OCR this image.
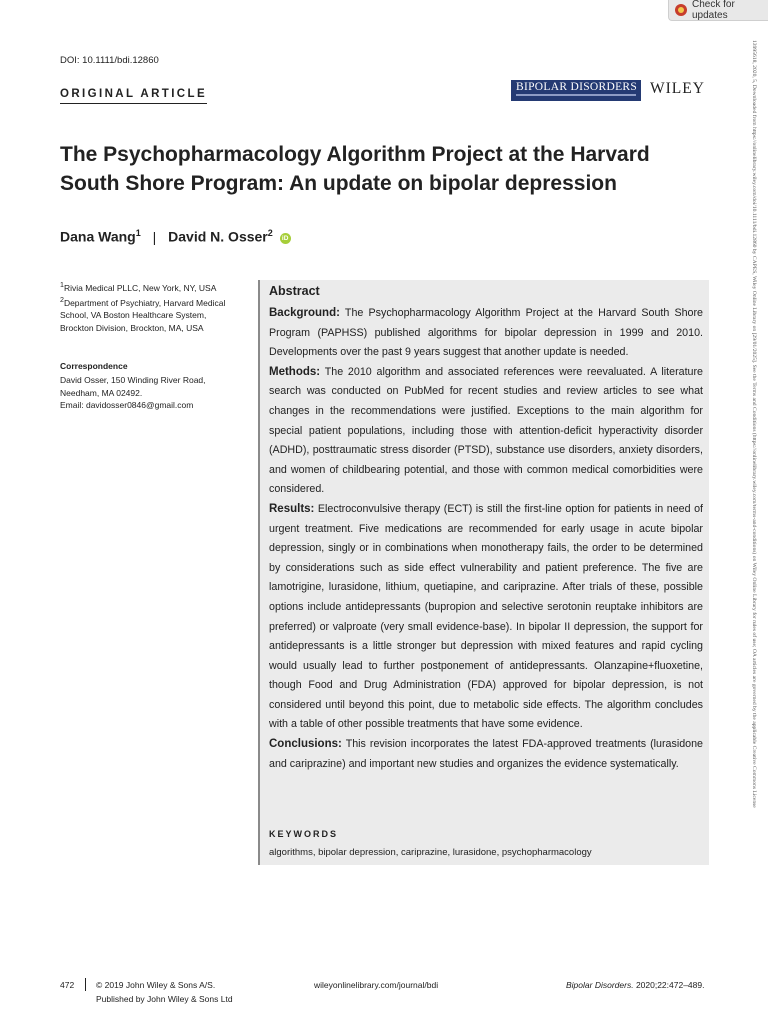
Check for updates
DOI: 10.1111/bdi.12860
ORIGINAL ARTICLE
BIPOLAR DISORDERS WILEY
The Psychopharmacology Algorithm Project at the Harvard South Shore Program: An update on bipolar depression
Dana Wang$^1$ | David N. Osser$^2$ iD

$^1$Rivia Medical PLLC, New York, NY, USA

$^2$Department of Psychiatry, Harvard Medical School, VA Boston Healthcare System, Brockton Division, Brockton, MA, USA

Correspondence
David Osser, 150 Winding River Road,
Needham, MA 02492.
Email: davidosser0846@gmail.com
Abstract

Background: The Psychopharmacology Algorithm Project at the Harvard South Shore Program (PAPHSS) published algorithms for bipolar depression in 1999 and 2010. Developments over the past 9 years suggest that another update is needed.

Methods: The 2010 algorithm and associated references were reevaluated. A literature search was conducted on PubMed for recent studies and review articles to see what changes in the recommendations were justified. Exceptions to the main algorithm for special patient populations, including those with attention‐deficit hyperactivity disorder (ADHD), posttraumatic stress disorder (PTSD), substance use disorders, anxiety disorders, and women of childbearing potential, and those with common medical comorbidities were considered.

Results: Electroconvulsive therapy (ECT) is still the first‐line option for patients in need of urgent treatment. Five medications are recommended for early usage in acute bipolar depression, singly or in combinations when monotherapy fails, the order to be determined by considerations such as side effect vulnerability and patient preference. The five are lamotrigine, lurasidone, lithium, quetiapine, and cariprazine. After trials of these, possible options include antidepressants (bupropion and selective serotonin reuptake inhibitors are preferred) or valproate (very small evidence‐base). In bipolar II depression, the support for antidepressants is a little stronger but depression with mixed features and rapid cycling would usually lead to further postponement of antidepressants. Olanzapine+fluoxetine, though Food and Drug Administration (FDA) approved for bipolar depression, is not considered until beyond this point, due to metabolic side effects. The algorithm concludes with a table of other possible treatments that have some evidence.

Conclusions: This revision incorporates the latest FDA‐approved treatments (lurasidone and cariprazine) and important new studies and organizes the evidence systematically.

KEYWORDS
algorithms, bipolar depression, cariprazine, lurasidone, psychopharmacology
13995618, 2020, 5, Downloaded from https://onlinelibrary.wiley.com/doi/10.1111/bdi.12860 by CAPES, Wiley Online Library on [29/01/2025]. See the Terms and Conditions (https://onlinelibrary.wiley.com/terms-and-conditions) on Wiley Online Library for rules of use; OA articles are governed by the applicable Creative Commons License
472	© 2019 John Wiley & Sons A/S.
Published by John Wiley & Sons Ltd
wileyonlinelibrary.com/journal/bdi	Bipolar Disorders. 2020;22:472–489.
